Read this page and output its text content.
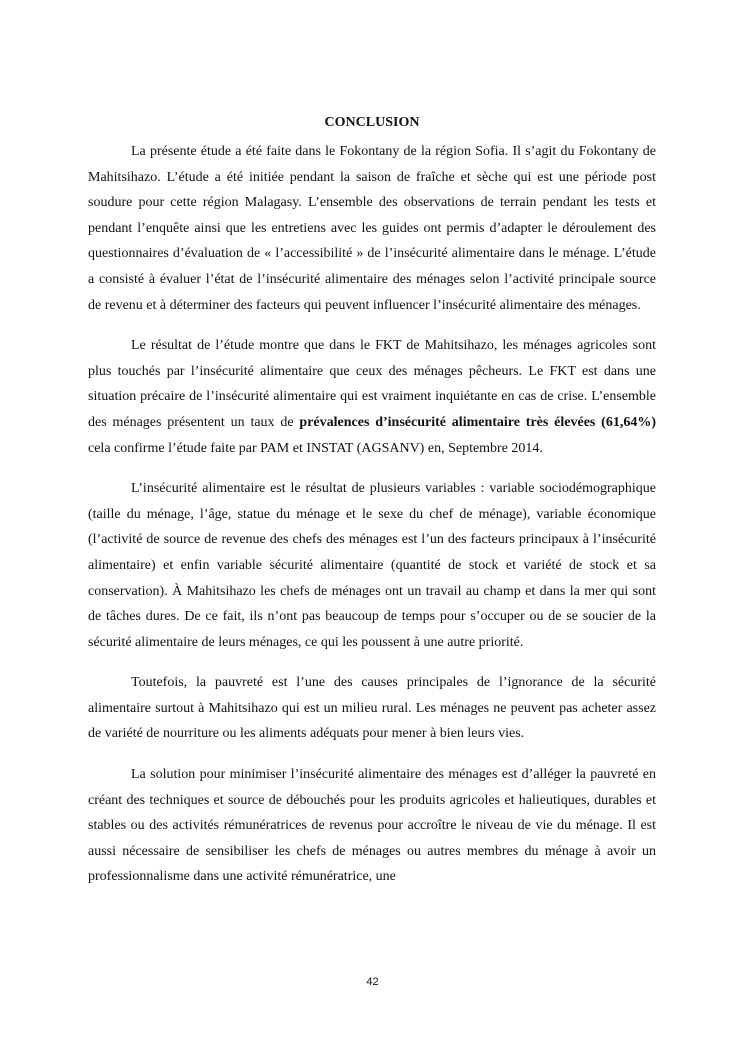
CONCLUSION

La présente étude a été faite dans le Fokontany de la région Sofia. Il s’agit du Fokontany de Mahitsihazo. L’étude a été initiée pendant la saison de fraîche et sèche qui est une période post soudure pour cette région Malagasy. L’ensemble des observations de terrain pendant les tests et pendant l’enquête ainsi que les entretiens avec les guides ont permis d’adapter le déroulement des questionnaires d’évaluation de « l’accessibilité » de l’insécurité alimentaire dans le ménage. L’étude a consisté à évaluer l’état de l’insécurité alimentaire des ménages selon l’activité principale source de revenu et à déterminer des facteurs qui peuvent influencer l’insécurité alimentaire des ménages.

Le résultat de l’étude montre que dans le FKT de Mahitsihazo, les ménages agricoles sont plus touchés par l’insécurité alimentaire que ceux des ménages pêcheurs. Le FKT est dans une situation précaire de l’insécurité alimentaire qui est vraiment inquiétante en cas de crise. L’ensemble des ménages présentent un taux de prévalences d’insécurité alimentaire très élevées (61,64%) cela confirme l’étude faite par PAM et INSTAT (AGSANV) en, Septembre 2014.

L’insécurité alimentaire est le résultat de plusieurs variables : variable sociodémographique (taille du ménage, l’âge, statue du ménage et le sexe du chef de ménage), variable économique (l’activité de source de revenue des chefs des ménages est l’un des facteurs principaux à l’insécurité alimentaire) et enfin variable sécurité alimentaire (quantité de stock et variété de stock et sa conservation). À Mahitsihazo les chefs de ménages ont un travail au champ et dans la mer qui sont de tâches dures. De ce fait, ils n’ont pas beaucoup de temps pour s’occuper ou de se soucier de la sécurité alimentaire de leurs ménages, ce qui les poussent à une autre priorité.

Toutefois, la pauvreté est l’une des causes principales de l’ignorance de la sécurité alimentaire surtout à Mahitsihazo qui est un milieu rural. Les ménages ne peuvent pas acheter assez de variété de nourriture ou les aliments adéquats pour mener à bien leurs vies.

La solution pour minimiser l’insécurité alimentaire des ménages est d’alléger la pauvreté en créant des techniques et source de débouchés pour les produits agricoles et halieutiques, durables et stables ou des activités rémunératrices de revenus pour accroître le niveau de vie du ménage. Il est aussi nécessaire de sensibiliser les chefs de ménages ou autres membres du ménage à avoir un professionnalisme dans une activité rémunératrice, une

42
